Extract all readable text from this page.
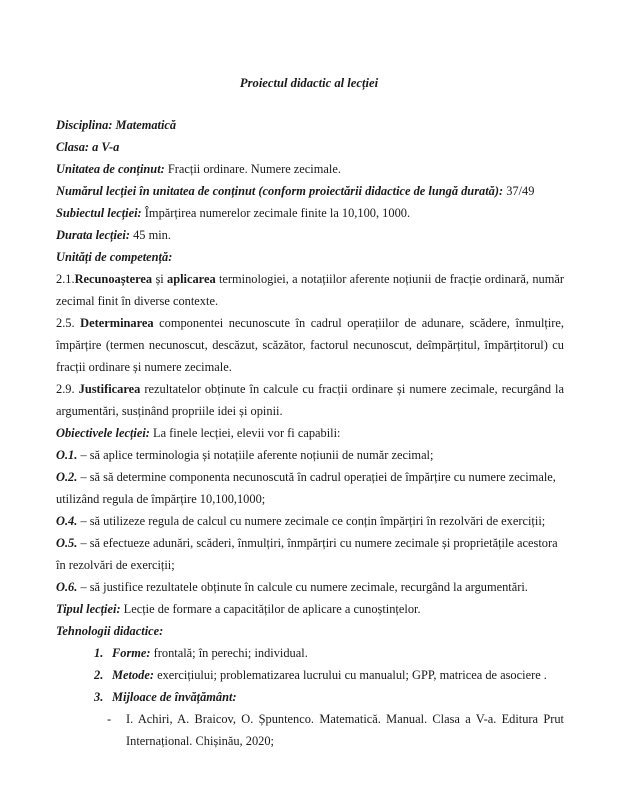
Proiectul didactic al lecției
Disciplina: Matematică
Clasa: a V-a
Unitatea de conținut: Fracții ordinare. Numere zecimale.
Numărul lecției în unitatea de conținut (conform proiectării didactice de lungă durată): 37/49
Subiectul lecției: Împărțirea numerelor zecimale finite la 10,100, 1000.
Durata lecției: 45 min.
Unități de competență:
2.1.Recunoașterea și aplicarea terminologiei, a notațiilor aferente noțiunii de fracție ordinară, număr zecimal finit în diverse contexte.
2.5. Determinarea componentei necunoscute în cadrul operațiilor de adunare, scădere, înmulțire, împărțire (termen necunoscut, descăzut, scăzător, factorul necunoscut, deîmpărțitul, împărțitorul) cu fracții ordinare și numere zecimale.
2.9. Justificarea rezultatelor obținute în calcule cu fracții ordinare și numere zecimale, recurgând la argumentări, susținând propriile idei și opinii.
Obiectivele lecției: La finele lecției, elevii vor fi capabili:
O.1. – să aplice terminologia și notațiile aferente noțiunii de număr zecimal;
O.2. – să să determine componenta necunoscută în cadrul operației de împărțire cu numere zecimale, utilizând regula de împărțire 10,100,1000;
O.4. – să utilizeze regula de calcul cu numere zecimale ce conțin împărțiri în rezolvări de exerciții;
O.5. – să efectueze adunări, scăderi, înmulțiri, înmpărțiri cu numere zecimale și proprietățile acestora în rezolvări de exerciții;
O.6. – să justifice rezultatele obținute în calcule cu numere zecimale, recurgând la argumentări.
Tipul lecției: Lecție de formare a capacităților de aplicare a cunoștințelor.
Tehnologii didactice:
1. Forme: frontală; în perechi; individual.
2. Metode: exercițiului; problematizarea lucrului cu manualul; GPP, matricea de asociere .
3. Mijloace de învățământ:
- I. Achiri, A. Braicov, O. Șpuntenco. Matematică. Manual. Clasa a V-a. Editura Prut Internațional. Chișinău, 2020;
